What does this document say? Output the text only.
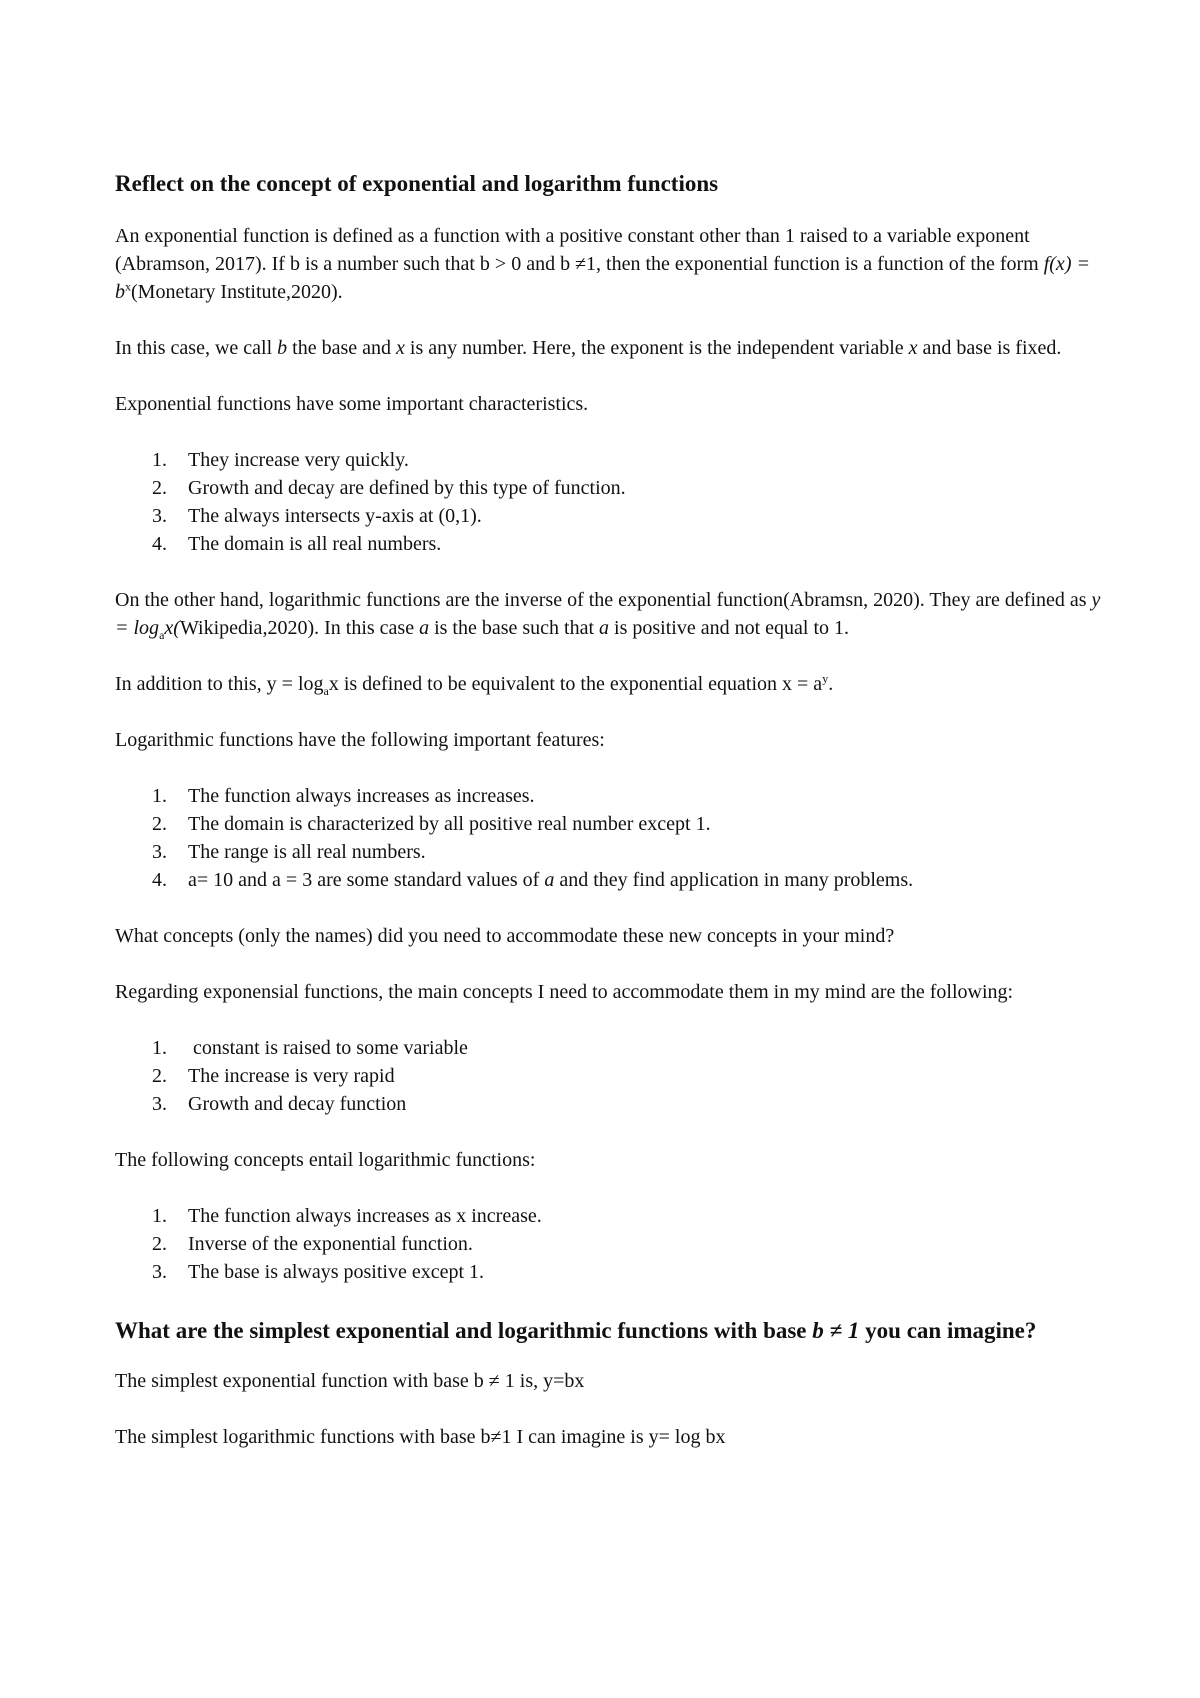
Reflect on the concept of exponential and logarithm functions

An exponential function is defined as a function with a positive constant other than 1 raised to a variable exponent (Abramson, 2017). If b is a number such that b > 0 and b ≠1, then the exponential function is a function of the form $f(x) = b^x(Monetary$ Institute,2020).

In this case, we call b the base and x is any number. Here, the exponent is the independent variable x and base is fixed.

Exponential functions have some important characteristics.

1. They increase very quickly.
2. Growth and decay are defined by this type of function.
3. The always intersects y-axis at (0,1).
4. The domain is all real numbers.

On the other hand, logarithmic functions are the inverse of the exponential function(Abramsn, 2020). They are defined as $y = \log_ax(Wikipedia,2020)$. In this case a is the base such that a is positive and not equal to 1.

In addition to this, $y = \log_ax$ is defined to be equivalent to the exponential equation $x = a^y$.

Logarithmic functions have the following important features:

1. The function always increases as increases.
2. The domain is characterized by all positive real number except 1.
3. The range is all real numbers.
4. a= 10 and a = 3 are some standard values of a and they find application in many problems.

What concepts (only the names) did you need to accommodate these new concepts in your mind?

Regarding exponensial functions, the main concepts I need to accommodate them in my mind are the following:

1. constant is raised to some variable
2. The increase is very rapid
3. Growth and decay function

The following concepts entail logarithmic functions:

1. The function always increases as x increase.
2. Inverse of the exponential function.
3. The base is always positive except 1.
What are the simplest exponential and logarithmic functions with base b ≠ 1 you can imagine?

The simplest exponential function with base b ≠ 1 is, y=bx

The simplest logarithmic functions with base b≠1 I can imagine is y= log bx
